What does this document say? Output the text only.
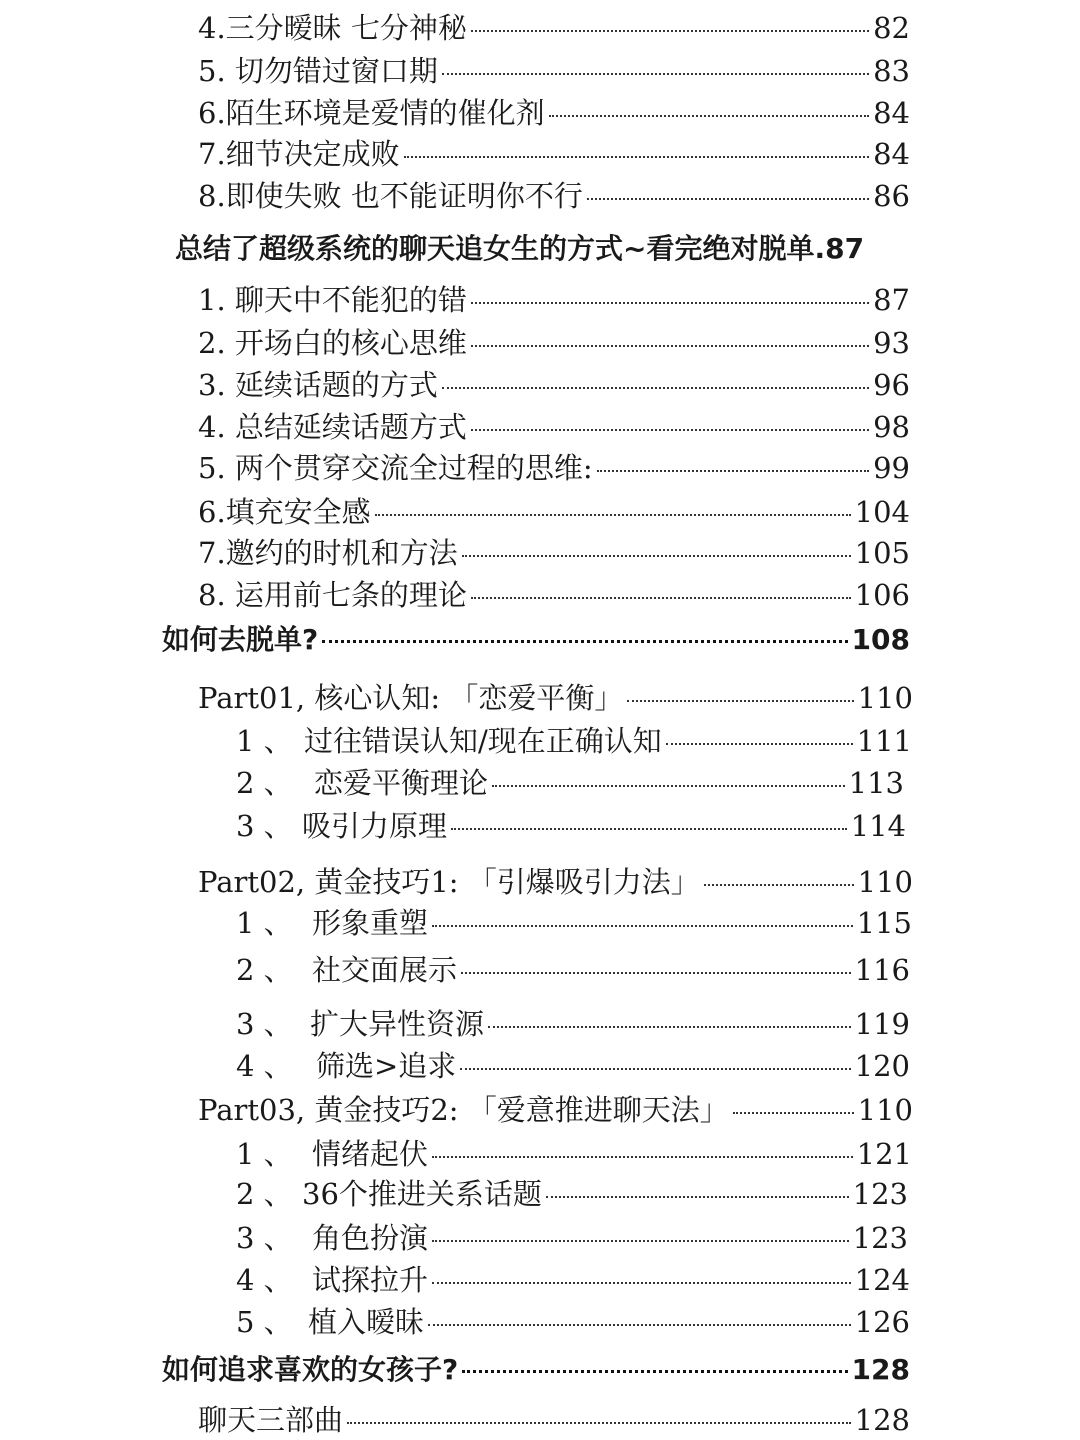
4.三分暧昧 七分神秘	82
5. 切勿错过窗口期	83
6.陌生环境是爱情的催化剂	84
7.细节决定成败	84
8.即使失败 也不能证明你不行	86
总结了超级系统的聊天追女生的方式~看完绝对脱单.87
1. 聊天中不能犯的错	87
2. 开场白的核心思维	93
3. 延续话题的方式	96
4. 总结延续话题方式	98
5. 两个贯穿交流全过程的思维:	99
6.填充安全感	104
7.邀约的时机和方法	105
8. 运用前七条的理论	106
如何去脱单?	108
Part01, 核心认知: 「恋爱平衡」	110
1 、 过往错误认知/现在正确认知	111
2 、 恋爱平衡理论	113
3 、 吸引力原理	114
Part02, 黄金技巧1: 「引爆吸引力法」	110
1 、 形象重塑	115
2 、 社交面展示	116
3 、 扩大异性资源	119
4 、 筛选>追求	120
Part03, 黄金技巧2: 「爱意推进聊天法」	110
1 、 情绪起伏	121
2 、 36个推进关系话题	123
3 、 角色扮演	123
4 、 试探拉升	124
5 、 植入暧昧	126
如何追求喜欢的女孩子?	128
聊天三部曲	128
